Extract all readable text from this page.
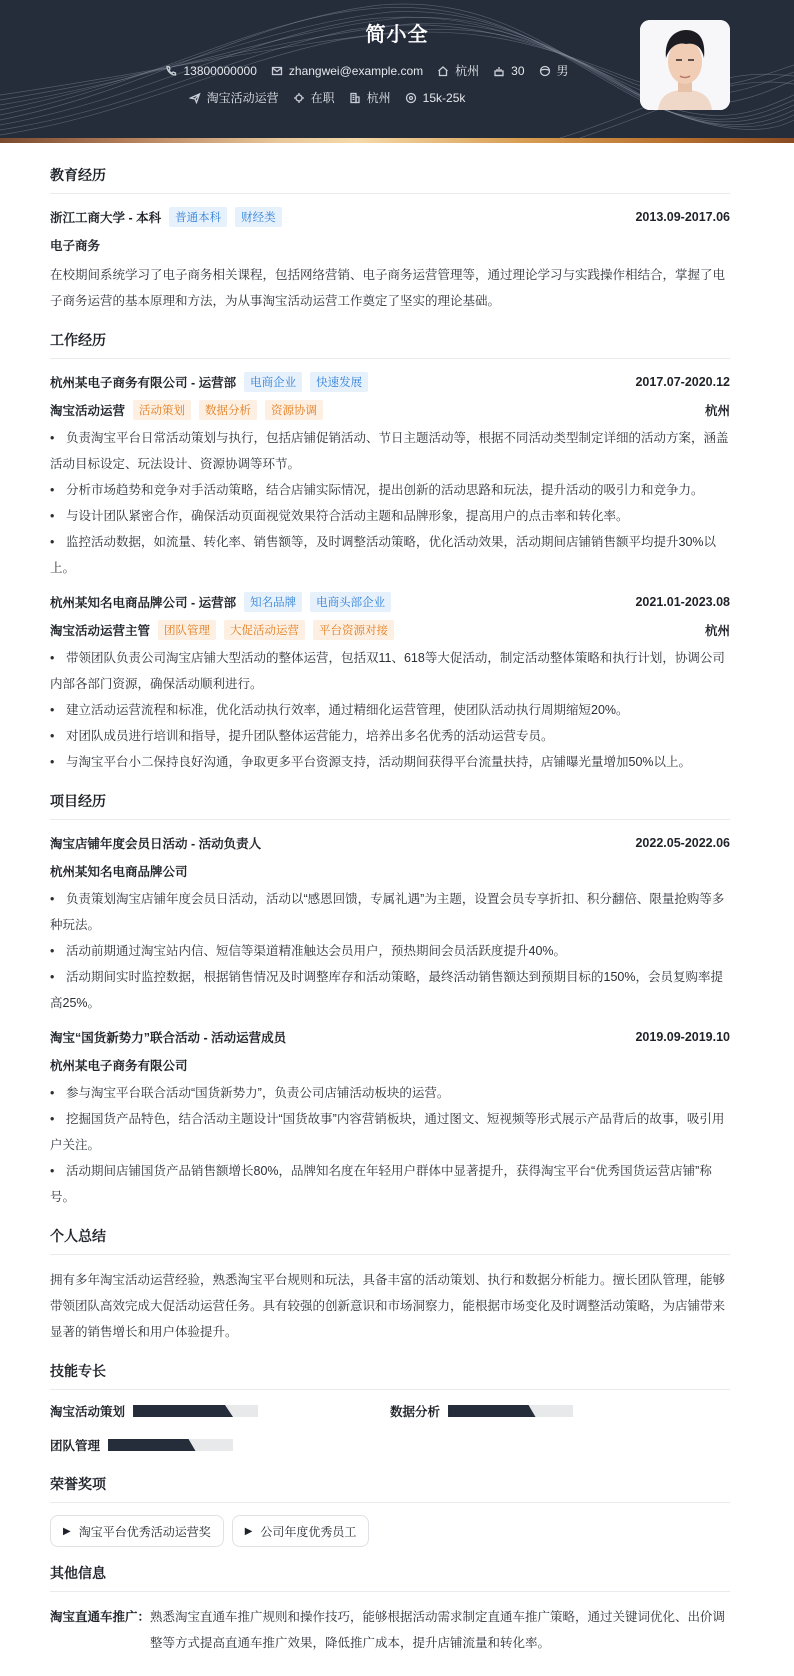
简小全
13800000000	zhangwei@example.com	杭州	30	男
淘宝活动运营	在职	杭州	15k-25k
教育经历
浙江工商大学 - 本科	普通本科	财经类	2013.09-2017.06
电子商务
在校期间系统学习了电子商务相关课程，包括网络营销、电子商务运营管理等，通过理论学习与实践操作相结合，掌握了电子商务运营的基本原理和方法，为从事淘宝活动运营工作奠定了坚实的理论基础。
工作经历
杭州某电子商务有限公司 - 运营部	电商企业	快速发展	2017.07-2020.12
淘宝活动运营	活动策划	数据分析	资源协调	杭州
• 负责淘宝平台日常活动策划与执行，包括店铺促销活动、节日主题活动等，根据不同活动类型制定详细的活动方案，涵盖活动目标设定、玩法设计、资源协调等环节。
• 分析市场趋势和竞争对手活动策略，结合店铺实际情况，提出创新的活动思路和玩法，提升活动的吸引力和竞争力。
• 与设计团队紧密合作，确保活动页面视觉效果符合活动主题和品牌形象，提高用户的点击率和转化率。
• 监控活动数据，如流量、转化率、销售额等，及时调整活动策略，优化活动效果，活动期间店铺销售额平均提升30%以上。
杭州某知名电商品牌公司 - 运营部	知名品牌	电商头部企业	2021.01-2023.08
淘宝活动运营主管	团队管理	大促活动运营	平台资源对接	杭州
• 带领团队负责公司淘宝店铺大型活动的整体运营，包括双11、618等大促活动，制定活动整体策略和执行计划，协调公司内部各部门资源，确保活动顺利进行。
• 建立活动运营流程和标准，优化活动执行效率，通过精细化运营管理，使团队活动执行周期缩短20%。
• 对团队成员进行培训和指导，提升团队整体运营能力，培养出多名优秀的活动运营专员。
• 与淘宝平台小二保持良好沟通，争取更多平台资源支持，活动期间获得平台流量扶持，店铺曝光量增加50%以上。
项目经历
淘宝店铺年度会员日活动 - 活动负责人	2022.05-2022.06
杭州某知名电商品牌公司
• 负责策划淘宝店铺年度会员日活动，活动以“感恩回馈，专属礼遇”为主题，设置会员专享折扣、积分翻倍、限量抢购等多种玩法。
• 活动前期通过淘宝站内信、短信等渠道精准触达会员用户，预热期间会员活跃度提升40%。
• 活动期间实时监控数据，根据销售情况及时调整库存和活动策略，最终活动销售额达到预期目标的150%，会员复购率提高25%。
淘宝“国货新势力”联合活动 - 活动运营成员	2019.09-2019.10
杭州某电子商务有限公司
• 参与淘宝平台联合活动“国货新势力”，负责公司店铺活动板块的运营。
• 挖掘国货产品特色，结合活动主题设计“国货故事”内容营销板块，通过图文、短视频等形式展示产品背后的故事，吸引用户关注。
• 活动期间店铺国货产品销售额增长80%，品牌知名度在年轻用户群体中显著提升，获得淘宝平台“优秀国货运营店铺”称号。
个人总结
拥有多年淘宝活动运营经验，熟悉淘宝平台规则和玩法，具备丰富的活动策划、执行和数据分析能力。擅长团队管理，能够带领团队高效完成大促活动运营任务。具有较强的创新意识和市场洞察力，能根据市场变化及时调整活动策略，为店铺带来显著的销售增长和用户体验提升。
技能专长
淘宝活动策划	数据分析
团队管理
荣誉奖项
▶ 淘宝平台优秀活动运营奖	▶ 公司年度优秀员工
其他信息
淘宝直通车推广： 熟悉淘宝直通车推广规则和操作技巧，能够根据活动需求制定直通车推广策略，通过关键词优化、出价调整等方式提高直通车推广效果，降低推广成本，提升店铺流量和转化率。
